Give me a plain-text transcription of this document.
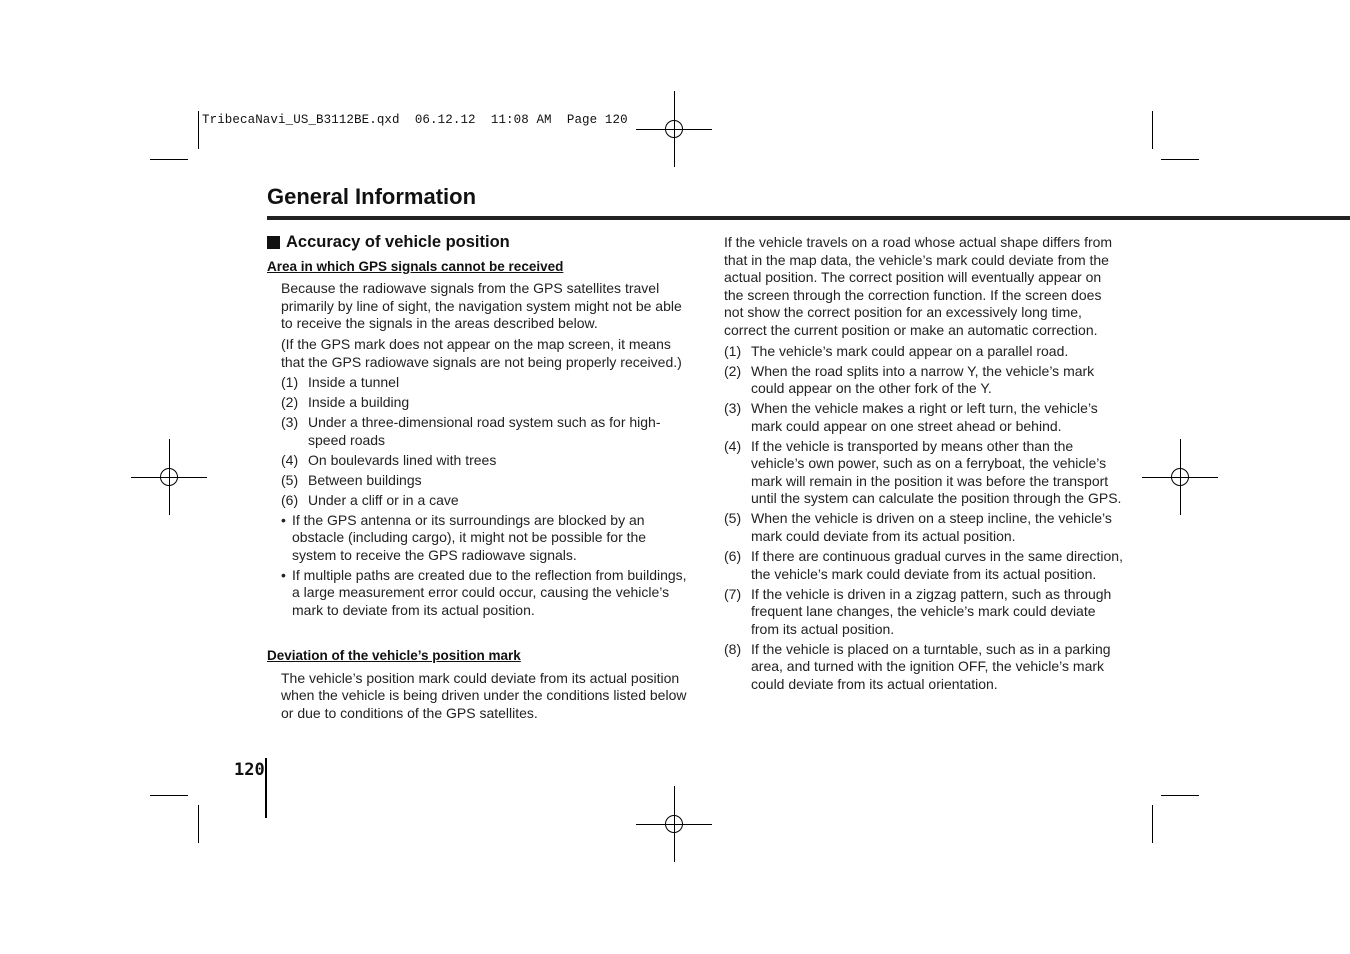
TribecaNavi_US_B3112BE.qxd  06.12.12  11:08 AM  Page 120
General Information
Accuracy of vehicle position
Area in which GPS signals cannot be received

Because the radiowave signals from the GPS satellites travel primarily by line of sight, the navigation system might not be able to receive the signals in the areas described below.

(If the GPS mark does not appear on the map screen, it means that the GPS radiowave signals are not being properly received.)

(1) Inside a tunnel
(2) Inside a building
(3) Under a three-dimensional road system such as for high-speed roads
(4) On boulevards lined with trees
(5) Between buildings
(6) Under a cliff or in a cave
• If the GPS antenna or its surroundings are blocked by an obstacle (including cargo), it might not be possible for the system to receive the GPS radiowave signals.
• If multiple paths are created due to the reflection from buildings, a large measurement error could occur, causing the vehicle’s mark to deviate from its actual position.
Deviation of the vehicle’s position mark

The vehicle’s position mark could deviate from its actual position when the vehicle is being driven under the conditions listed below or due to conditions of the GPS satellites.

If the vehicle travels on a road whose actual shape differs from that in the map data, the vehicle’s mark could deviate from the actual position. The correct position will eventually appear on the screen through the correction function. If the screen does not show the correct position for an excessively long time, correct the current position or make an automatic correction.

(1) The vehicle’s mark could appear on a parallel road.
(2) When the road splits into a narrow Y, the vehicle’s mark could appear on the other fork of the Y.
(3) When the vehicle makes a right or left turn, the vehicle’s mark could appear on one street ahead or behind.
(4) If the vehicle is transported by means other than the vehicle’s own power, such as on a ferryboat, the vehicle’s mark will remain in the position it was before the transport until the system can calculate the position through the GPS.
(5) When the vehicle is driven on a steep incline, the vehicle’s mark could deviate from its actual position.
(6) If there are continuous gradual curves in the same direction, the vehicle’s mark could deviate from its actual position.
(7) If the vehicle is driven in a zigzag pattern, such as through frequent lane changes, the vehicle’s mark could deviate from its actual position.
(8) If the vehicle is placed on a turntable, such as in a parking area, and turned with the ignition OFF, the vehicle’s mark could deviate from its actual orientation.
120
